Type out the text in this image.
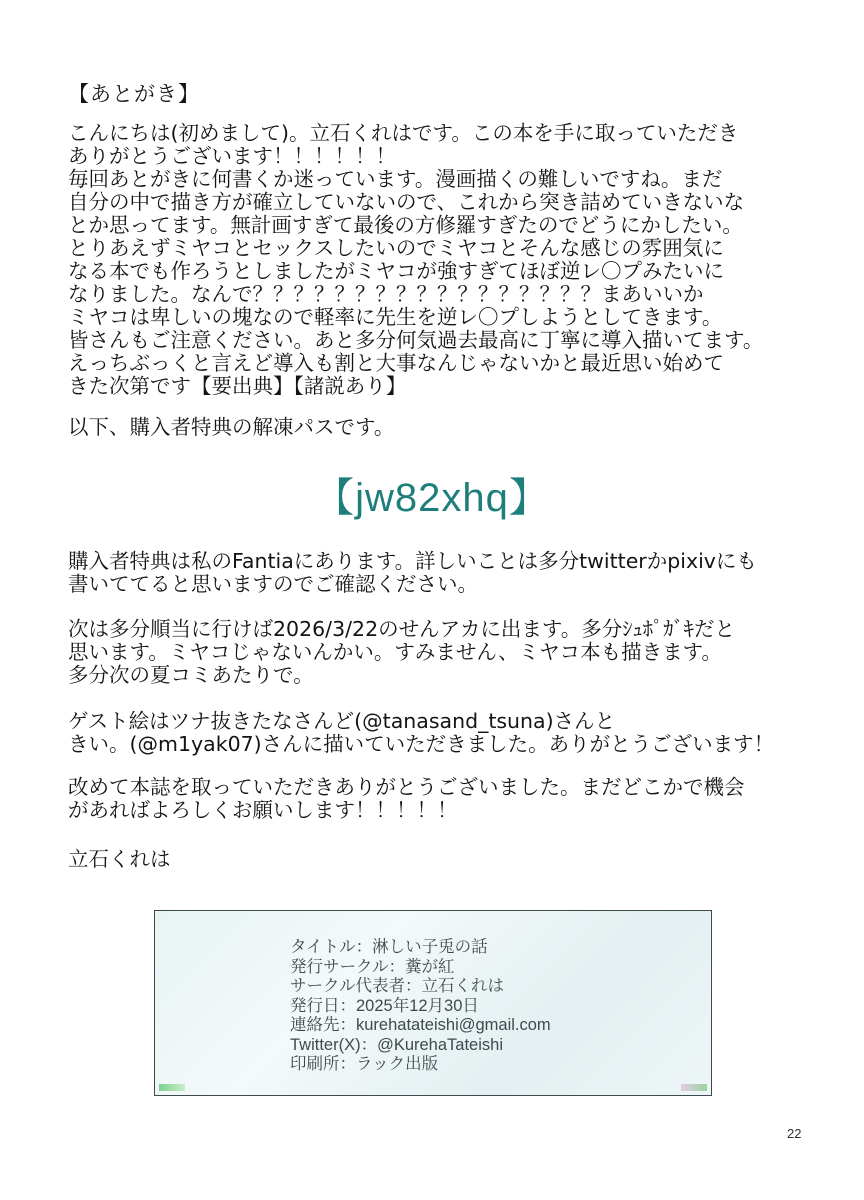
【あとがき】
こんにちは(初めまして)。立石くれはです。この本を手に取っていただき
ありがとうございます！！！！！！
毎回あとがきに何書くか迷っています。漫画描くの難しいですね。まだ
自分の中で描き方が確立していないので、これから突き詰めていきないな
とか思ってます。無計画すぎて最後の方修羅すぎたのでどうにかしたい。
とりあえずミヤコとセックスしたいのでミヤコとそんな感じの雰囲気に
なる本でも作ろうとしましたがミヤコが強すぎてほぼ逆レ〇プみたいに
なりました。なんで？？？？？？？？？？？？？？？？？まあいいか
ミヤコは卑しいの塊なので軽率に先生を逆レ〇プしようとしてきます。
皆さんもご注意ください。あと多分何気過去最高に丁寧に導入描いてます。
えっちぶっくと言えど導入も割と大事なんじゃないかと最近思い始めて
きた次第です【要出典】【諸説あり】
以下、購入者特典の解凍パスです。
【jw82xhq】
購入者特典は私のFantiaにあります。詳しいことは多分twitterかpixivにも
書いててると思いますのでご確認ください。
次は多分順当に行けば2026/3/22のせんアカに出ます。多分ｼｭﾎﾟｶﾞｷだと
思います。ミヤコじゃないんかい。すみません、ミヤコ本も描きます。
多分次の夏コミあたりで。
ゲスト絵はツナ抜きたなさんど(@tanasand_tsuna)さんと
きい。(@m1yak07)さんに描いていただきました。ありがとうございます！
改めて本誌を取っていただきありがとうございました。まだどこかで機会
があればよろしくお願いします！！！！！
立石くれは
タイトル：淋しい子兎の話
発行サークル：糞が紅
サークル代表者：立石くれは
発行日：2025年12月30日
連絡先：kurehatateishi@gmail.com
Twitter(X)：@KurehaTateishi
印刷所：ラック出版
22
